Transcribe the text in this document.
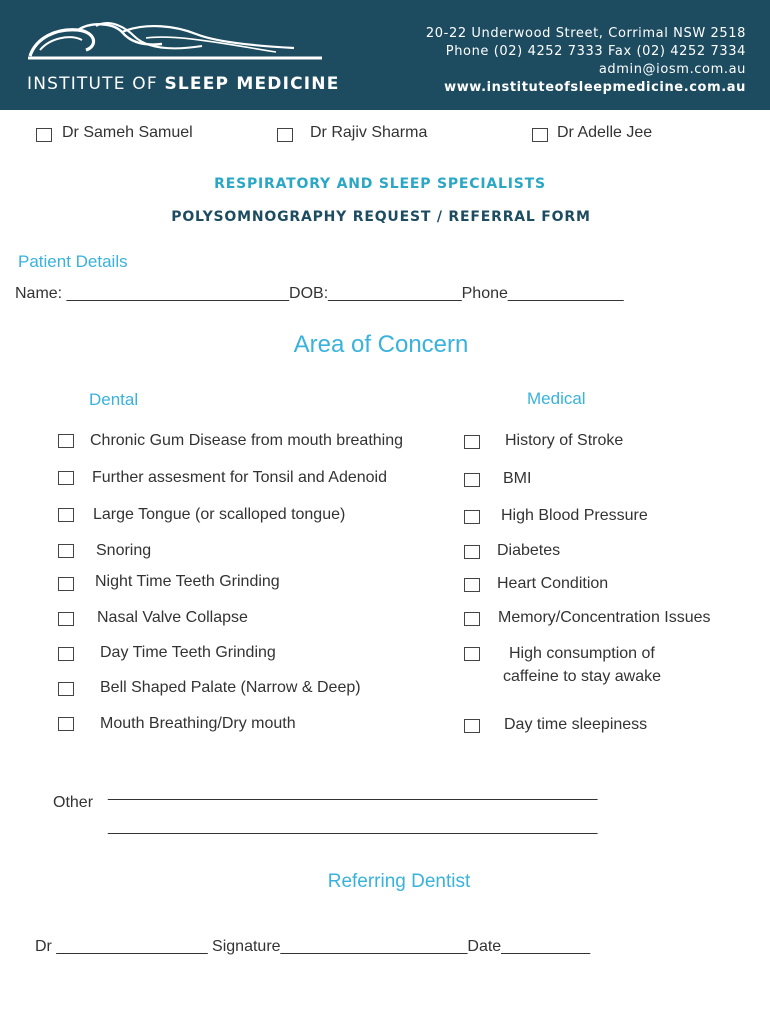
INSTITUTE OF SLEEP MEDICINE
20-22 Underwood Street, Corrimal NSW 2518
Phone (02) 4252 7333 Fax (02) 4252 7334
admin@iosm.com.au
www.instituteofsleepmedicine.com.au
Dr Sameh Samuel	Dr Rajiv Sharma	Dr Adelle Jee
RESPIRATORY AND SLEEP SPECIALISTS
POLYSOMNOGRAPHY REQUEST / REFERRAL FORM
Patient Details
Name: _________________________DOB:_______________Phone_____________
Area of Concern
Dental	Medical
Chronic Gum Disease from mouth breathing
Further assesment for Tonsil and Adenoid
Large Tongue (or scalloped tongue)
Snoring
Night Time Teeth Grinding
Nasal Valve Collapse
Day Time Teeth Grinding
Bell Shaped Palate (Narrow & Deep)
Mouth Breathing/Dry mouth
History of Stroke
BMI
High Blood Pressure
Diabetes
Heart Condition
Memory/Concentration Issues
High consumption of
caffeine to stay awake
Day time sleepiness
Other
_______________________________________________________
_______________________________________________________
Referring Dentist
Dr _________________ Signature_____________________Date__________
